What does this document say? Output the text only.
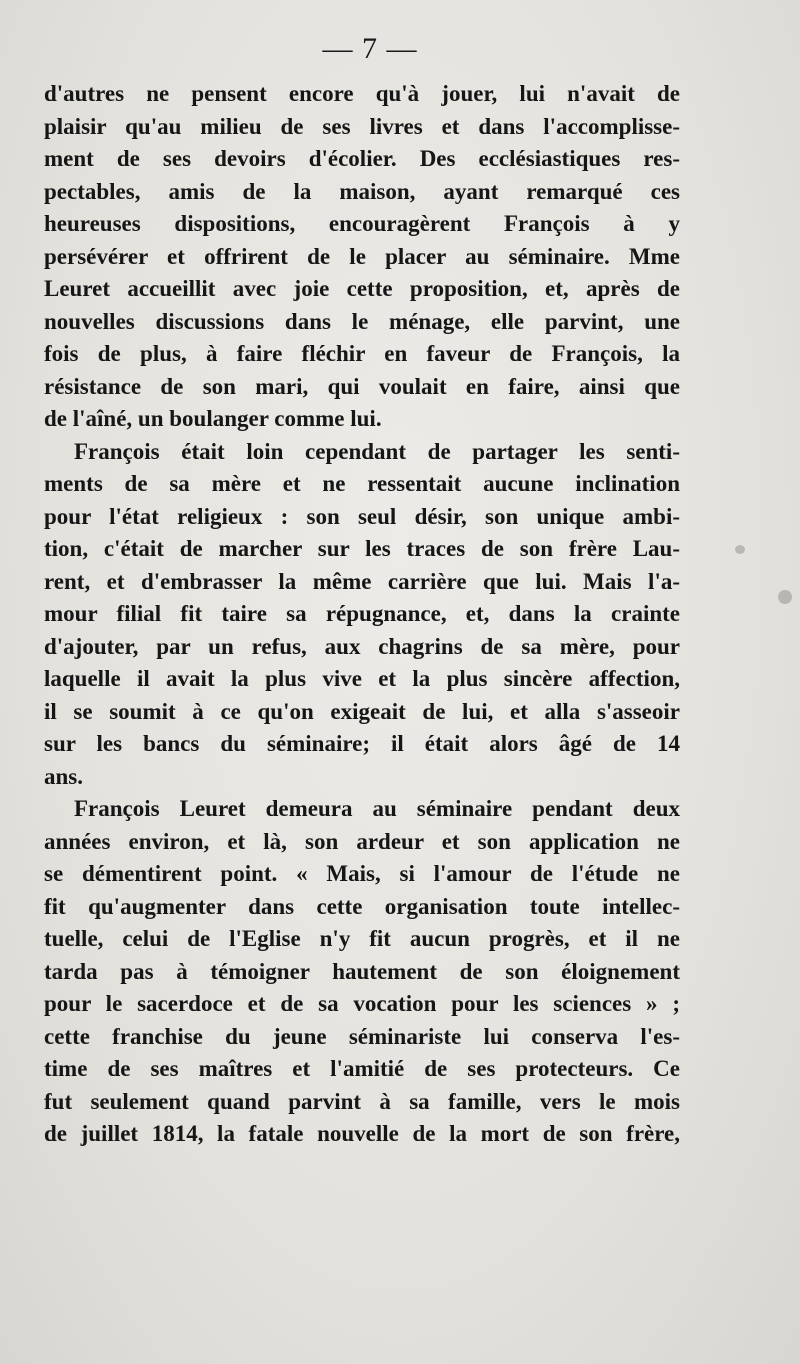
— 7 —
d'autres ne pensent encore qu'à jouer, lui n'avait de
plaisir qu'au milieu de ses livres et dans l'accomplisse-
ment de ses devoirs d'écolier. Des ecclésiastiques res-
pectables, amis de la maison, ayant remarqué ces
heureuses dispositions, encouragèrent François à y
persévérer et offrirent de le placer au séminaire. Mme
Leuret accueillit avec joie cette proposition, et, après de
nouvelles discussions dans le ménage, elle parvint, une
fois de plus, à faire fléchir en faveur de François, la
résistance de son mari, qui voulait en faire, ainsi que
de l'aîné, un boulanger comme lui.
François était loin cependant de partager les senti-
ments de sa mère et ne ressentait aucune inclination
pour l'état religieux : son seul désir, son unique ambi-
tion, c'était de marcher sur les traces de son frère Lau-
rent, et d'embrasser la même carrière que lui. Mais l'a-
mour filial fit taire sa répugnance, et, dans la crainte
d'ajouter, par un refus, aux chagrins de sa mère, pour
laquelle il avait la plus vive et la plus sincère affection,
il se soumit à ce qu'on exigeait de lui, et alla s'asseoir
sur les bancs du séminaire; il était alors âgé de 14
ans.
François Leuret demeura au séminaire pendant deux
années environ, et là, son ardeur et son application ne
se démentirent point. « Mais, si l'amour de l'étude ne
fit qu'augmenter dans cette organisation toute intellec-
tuelle, celui de l'Eglise n'y fit aucun progrès, et il ne
tarda pas à témoigner hautement de son éloignement
pour le sacerdoce et de sa vocation pour les sciences » ;
cette franchise du jeune séminariste lui conserva l'es-
time de ses maîtres et l'amitié de ses protecteurs. Ce
fut seulement quand parvint à sa famille, vers le mois
de juillet 1814, la fatale nouvelle de la mort de son frère,
